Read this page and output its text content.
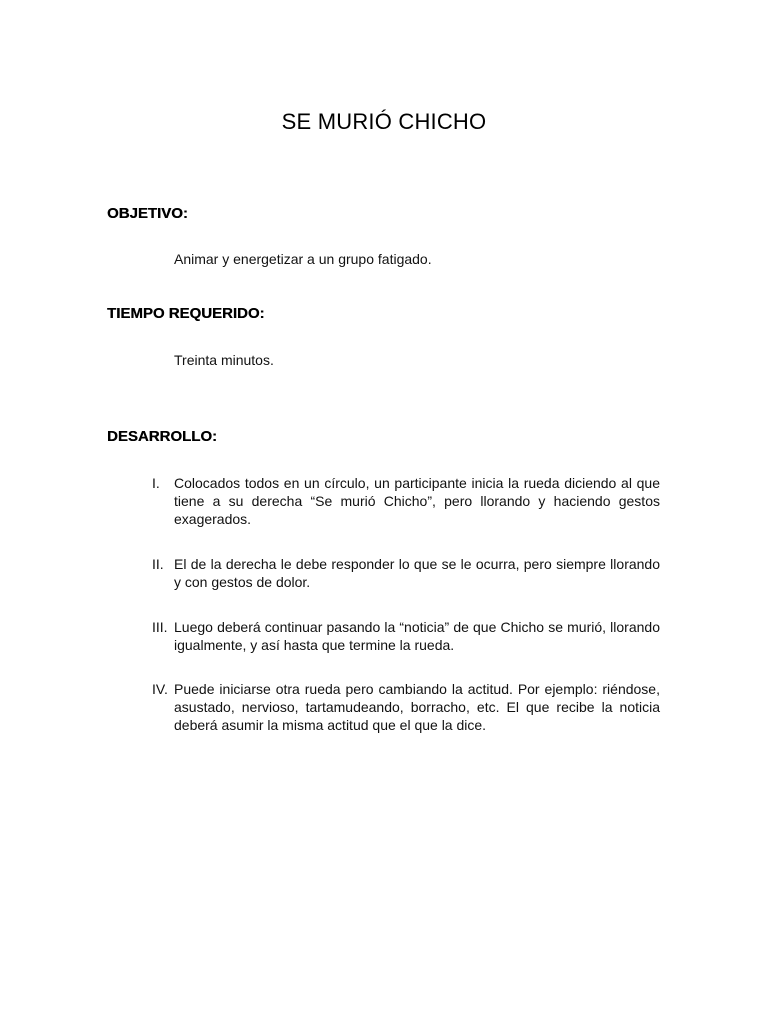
SE MURIÓ CHICHO
OBJETIVO:

Animar y energetizar a un grupo fatigado.

TIEMPO REQUERIDO:

Treinta minutos.

DESARROLLO:
I. Colocados todos en un círculo, un participante inicia la rueda diciendo al que tiene a su derecha “Se murió Chicho”, pero llorando y haciendo gestos exagerados.
II. El de la derecha le debe responder lo que se le ocurra, pero siempre llorando y con gestos de dolor.
III. Luego deberá continuar pasando la “noticia” de que Chicho se murió, llorando igualmente, y así hasta que termine la rueda.
IV. Puede iniciarse otra rueda pero cambiando la actitud. Por ejemplo: riéndose, asustado, nervioso, tartamudeando, borracho, etc. El que recibe la noticia deberá asumir la misma actitud que el que la dice.
